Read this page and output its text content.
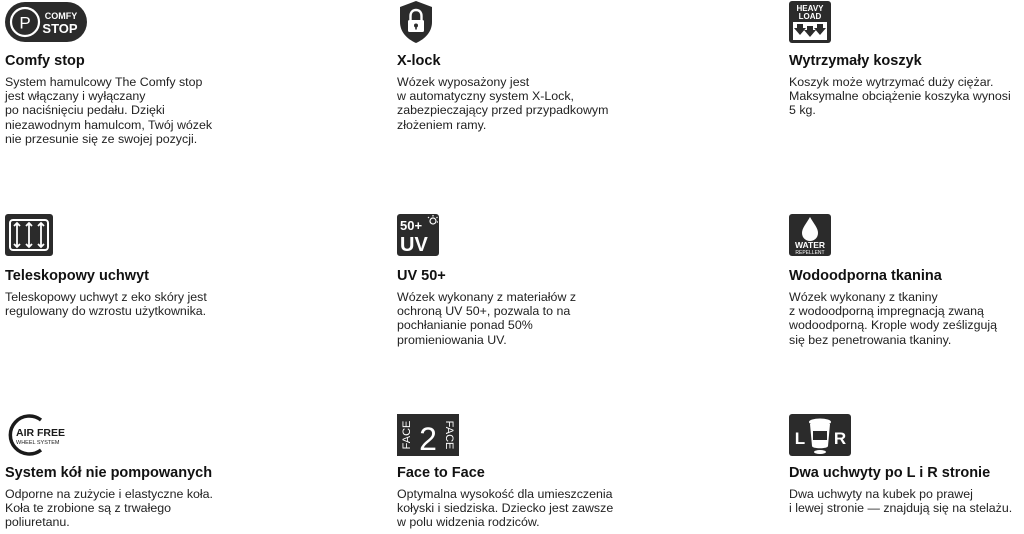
P COMFY
STOP
Comfy stop
System hamulcowy The Comfy stop
jest włączany i wyłączany
po naciśnięciu pedału. Dzięki
niezawodnym hamulcom, Twój wózek
nie przesunie się ze swojej pozycji.
X-lock
Wózek wyposażony jest
w automatyczny system X-Lock,
zabezpieczający przed przypadkowym
złożeniem ramy.
HEAVY
LOAD
Wytrzymały koszyk
Koszyk może wytrzymać duży ciężar.
Maksymalne obciążenie koszyka wynosi
5 kg.
Teleskopowy uchwyt
Teleskopowy uchwyt z eko skóry jest
regulowany do wzrostu użytkownika.
50+
UV
UV 50+
Wózek wykonany z materiałów z
ochroną UV 50+, pozwala to na
pochłanianie ponad 50%
promieniowania UV.
WATER
REPELLENT
Wodoodporna tkanina
Wózek wykonany z tkaniny
z wodoodporną impregnacją zwaną
wodoodporną. Krople wody ześlizgują
się bez penetrowania tkaniny.
AIR FREE
WHEEL SYSTEM
System kół nie pompowanych
Odporne na zużycie i elastyczne koła.
Koła te zrobione są z trwałego
poliuretanu.
FACE 2 FACE
Face to Face
Optymalna wysokość dla umieszczenia
kołyski i siedziska. Dziecko jest zawsze
w polu widzenia rodziców.
L R
Dwa uchwyty po L i R stronie
Dwa uchwyty na kubek po prawej
i lewej stronie — znajdują się na stelażu.
